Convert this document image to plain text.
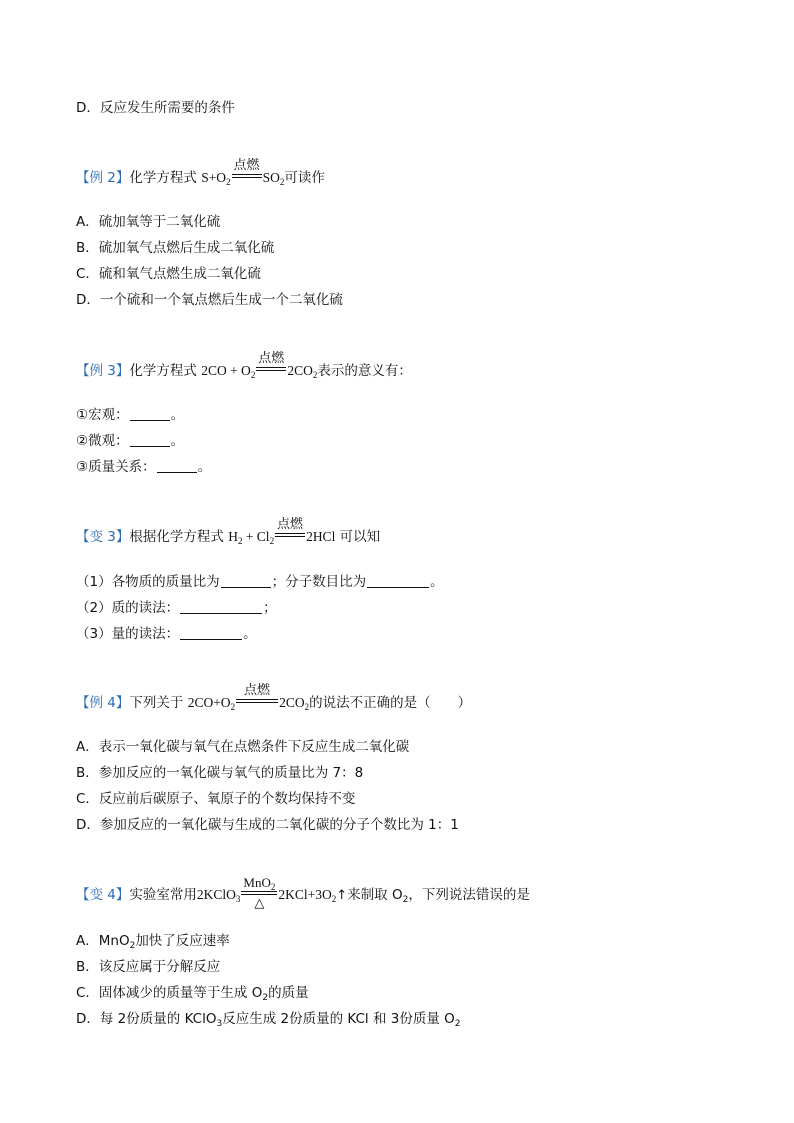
D．反应发生所需要的条件
【例 2】化学方程式 $S+O_2$
点燃
$SO_2$可读作
A．硫加氧等于二氧化硫
B．硫加氧气点燃后生成二氧化硫
C．硫和氧气点燃生成二氧化硫
D．一个硫和一个氧点燃后生成一个二氧化硫
【例 3】化学方程式 $2CO + O_2$
点燃
$2CO_2$表示的意义有：
①宏观：	。
②微观：	。
③质量关系：	。
【变 3】根据化学方程式 $H_2 + Cl_2$
点燃
2HCl 可以知
（1）各物质的质量比为	；分子数目比为	。
（2）质的读法：	；
（3）量的读法：	。
【例 4】下列关于 $2CO+O_2$
点燃
$2CO_2$的说法不正确的是（　　）
A．表示一氧化碳与氧气在点燃条件下反应生成二氧化碳
B．参加反应的一氧化碳与氧气的质量比为 7：8
C．反应前后碳原子、氧原子的个数均保持不变
D．参加反应的一氧化碳与生成的二氧化碳的分子个数比为 1：1
【变 4】实验室常用2KClO$_3$
MnO$_2$
△
$2KCl+3O_2↑$来制取 $O_2$，下列说法错误的是
A．MnO$_2$加快了反应速率
B．该反应属于分解反应
C．固体减少的质量等于生成 $O_2$的质量
D．每 2份质量的 KClO$_3$反应生成 2份质量的 KCl 和 3份质量 $O_2$
